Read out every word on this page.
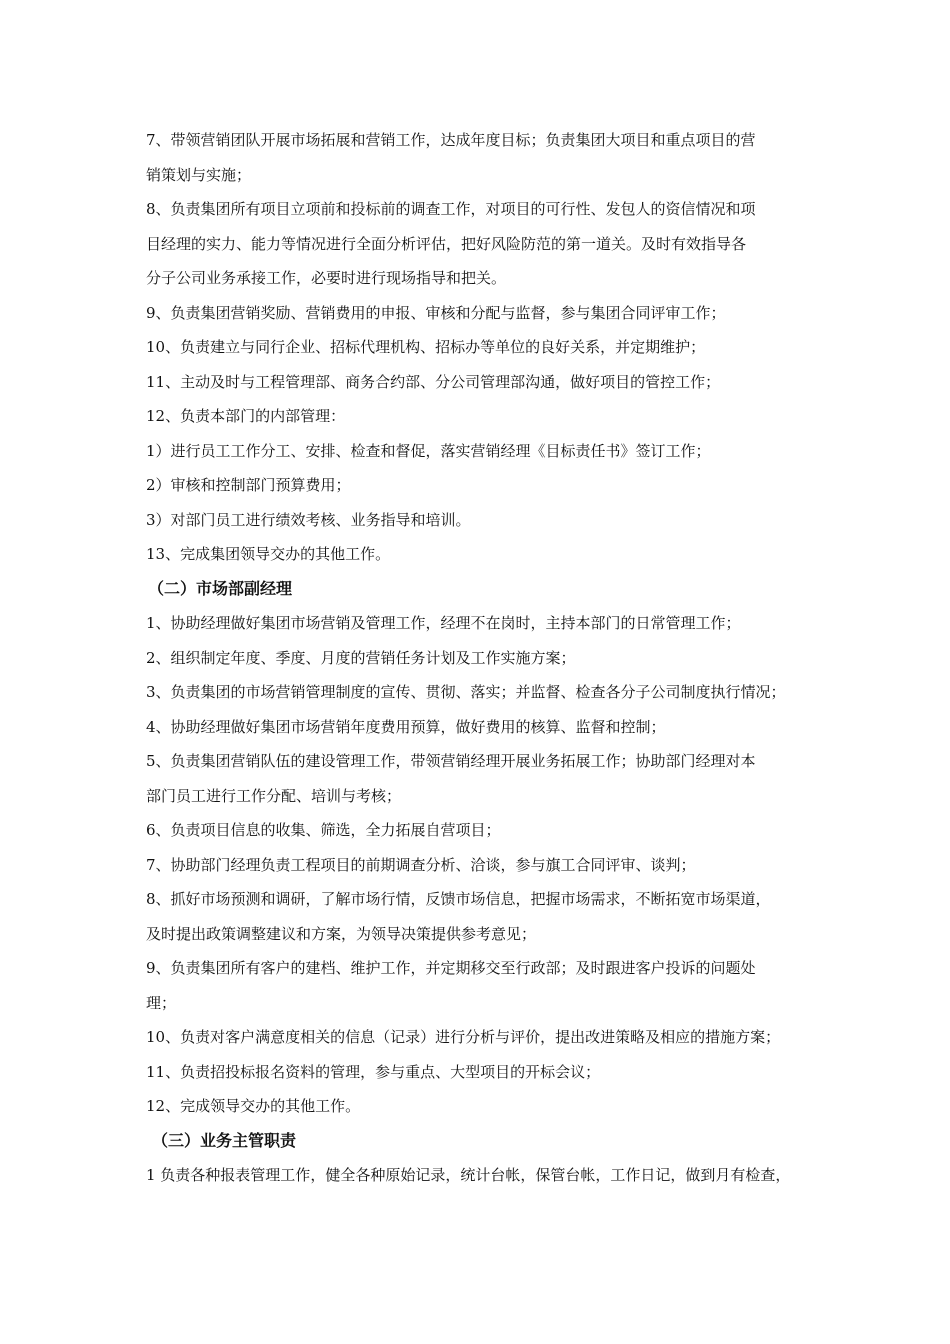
7、带领营销团队开展市场拓展和营销工作，达成年度目标；负责集团大项目和重点项目的营
销策划与实施；
8、负责集团所有项目立项前和投标前的调查工作，对项目的可行性、发包人的资信情况和项
目经理的实力、能力等情况进行全面分析评估，把好风险防范的第一道关。及时有效指导各
分子公司业务承接工作，必要时进行现场指导和把关。
9、负责集团营销奖励、营销费用的申报、审核和分配与监督，参与集团合同评审工作；
10、负责建立与同行企业、招标代理机构、招标办等单位的良好关系，并定期维护；
11、主动及时与工程管理部、商务合约部、分公司管理部沟通，做好项目的管控工作；
12、负责本部门的内部管理：
1）进行员工工作分工、安排、检查和督促，落实营销经理《目标责任书》签订工作；
2）审核和控制部门预算费用；
3）对部门员工进行绩效考核、业务指导和培训。
13、完成集团领导交办的其他工作。
（二）市场部副经理
1、协助经理做好集团市场营销及管理工作，经理不在岗时，主持本部门的日常管理工作；
2、组织制定年度、季度、月度的营销任务计划及工作实施方案；
3、负责集团的市场营销管理制度的宣传、贯彻、落实；并监督、检查各分子公司制度执行情况；
4、协助经理做好集团市场营销年度费用预算，做好费用的核算、监督和控制；
5、负责集团营销队伍的建设管理工作，带领营销经理开展业务拓展工作；协助部门经理对本
部门员工进行工作分配、培训与考核；
6、负责项目信息的收集、筛选，全力拓展自营项目；
7、协助部门经理负责工程项目的前期调查分析、洽谈，参与旗工合同评审、谈判；
8、抓好市场预测和调研，了解市场行情，反馈市场信息，把握市场需求，不断拓宽市场渠道，
及时提出政策调整建议和方案，为领导决策提供参考意见；
9、负责集团所有客户的建档、维护工作，并定期移交至行政部；及时跟进客户投诉的问题处
理；
10、负责对客户满意度相关的信息（记录）进行分析与评价，提出改进策略及相应的措施方案；
11、负责招投标报名资料的管理，参与重点、大型项目的开标会议；
12、完成领导交办的其他工作。
（三）业务主管职责
1 负责各种报表管理工作，健全各种原始记录，统计台帐，保管台帐，工作日记，做到月有检查，
